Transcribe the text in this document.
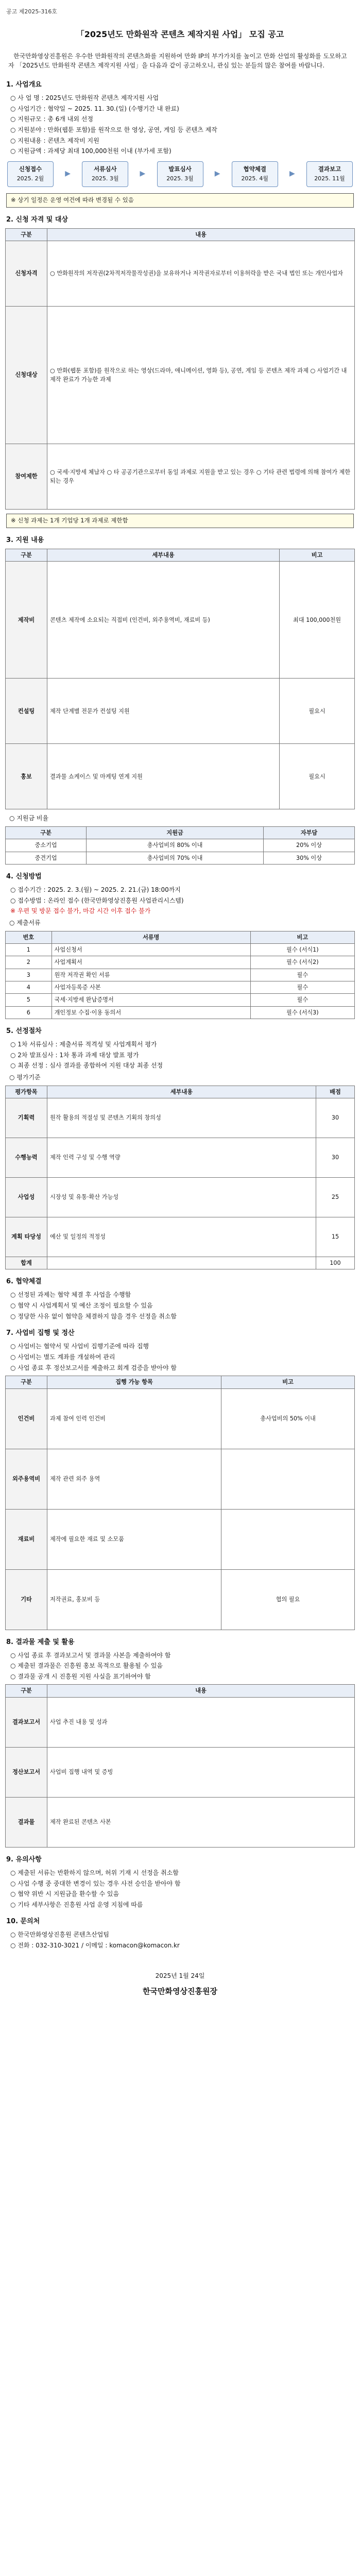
공고 제2025-316호
「2025년도 만화원작 콘텐츠 제작지원 사업」 모집 공고

한국만화영상진흥원은 우수한 만화원작의 콘텐츠화를 지원하여 만화 IP의 부가가치를 높이고 만화 산업의 활성화를 도모하고자 「2025년도 만화원작 콘텐츠 제작지원 사업」을 다음과 같이 공고하오니, 관심 있는 분들의 많은 참여를 바랍니다.

1. 사업개요
○ 사 업 명 : 2025년도 만화원작 콘텐츠 제작지원 사업
○ 사업기간 : 협약일 ~ 2025. 11. 30.(일) (수행기간 내 완료)
○ 지원규모 : 총 6개 내외 선정
○ 지원분야 : 만화(웹툰 포함)를 원작으로 한 영상, 공연, 게임 등 콘텐츠 제작
○ 지원내용 : 콘텐츠 제작비 지원
○ 지원금액 : 과제당 최대 100,000천원 이내 (부가세 포함)
신청접수
2025. 2월
▶
서류심사
2025. 3월
▶
발표심사
2025. 3월
▶
협약체결
2025. 4월
▶
결과보고
2025. 11월
※ 상기 일정은 운영 여건에 따라 변경될 수 있음
2. 신청 자격 및 대상
구분	내용
신청자격	○ 만화원작의 저작권(2차적저작물작성권)을 보유하거나 저작권자로부터 이용허락을 받은 국내 법인 또는 개인사업자
신청대상	○ 만화(웹툰 포함)를 원작으로 하는 영상(드라마, 애니메이션, 영화 등), 공연, 게임 등 콘텐츠 제작 과제 ○ 사업기간 내 제작 완료가 가능한 과제
참여제한	○ 국세·지방세 체납자 ○ 타 공공기관으로부터 동일 과제로 지원을 받고 있는 경우 ○ 기타 관련 법령에 의해 참여가 제한되는 경우
※ 신청 과제는 1개 기업당 1개 과제로 제한함
3. 지원 내용
구분	세부내용	비고
제작비	콘텐츠 제작에 소요되는 직접비 (인건비, 외주용역비, 재료비 등)	최대 100,000천원
컨설팅	제작 단계별 전문가 컨설팅 지원	필요시
홍보	결과물 쇼케이스 및 마케팅 연계 지원	필요시
○ 지원금 비율
구분	지원금	자부담
중소기업	총사업비의 80% 이내	20% 이상
중견기업	총사업비의 70% 이내	30% 이상
4. 신청방법
○ 접수기간 : 2025. 2. 3.(월) ~ 2025. 2. 21.(금) 18:00까지
○ 접수방법 : 온라인 접수 (한국만화영상진흥원 사업관리시스템)
※ 우편 및 방문 접수 불가, 마감 시간 이후 접수 불가
○ 제출서류
번호	서류명	비고
1	사업신청서	필수 (서식1)
2	사업계획서	필수 (서식2)
3	원작 저작권 확인 서류	필수
4	사업자등록증 사본	필수
5	국세·지방세 완납증명서	필수
6	개인정보 수집·이용 동의서	필수 (서식3)
5. 선정절차
○ 1차 서류심사 : 제출서류 적격성 및 사업계획서 평가
○ 2차 발표심사 : 1차 통과 과제 대상 발표 평가
○ 최종 선정 : 심사 결과를 종합하여 지원 대상 최종 선정
○ 평가기준
평가항목	세부내용	배점
기획력	원작 활용의 적절성 및 콘텐츠 기획의 창의성	30
수행능력	제작 인력 구성 및 수행 역량	30
사업성	시장성 및 유통·확산 가능성	25
계획 타당성	예산 및 일정의 적정성	15
합계		100
6. 협약체결
○ 선정된 과제는 협약 체결 후 사업을 수행함
○ 협약 시 사업계획서 및 예산 조정이 필요할 수 있음
○ 정당한 사유 없이 협약을 체결하지 않을 경우 선정을 취소함
7. 사업비 집행 및 정산
○ 사업비는 협약서 및 사업비 집행기준에 따라 집행
○ 사업비는 별도 계좌를 개설하여 관리
○ 사업 종료 후 정산보고서를 제출하고 회계 검증을 받아야 함
구분	집행 가능 항목	비고
인건비	과제 참여 인력 인건비	총사업비의 50% 이내
외주용역비	제작 관련 외주 용역	
재료비	제작에 필요한 재료 및 소모품	
기타	저작권료, 홍보비 등	협의 필요
8. 결과물 제출 및 활용
○ 사업 종료 후 결과보고서 및 결과물 사본을 제출하여야 함
○ 제출된 결과물은 진흥원 홍보 목적으로 활용될 수 있음
○ 결과물 공개 시 진흥원 지원 사실을 표기하여야 함
구분	내용
결과보고서	사업 추진 내용 및 성과
정산보고서	사업비 집행 내역 및 증빙
결과물	제작 완료된 콘텐츠 사본
9. 유의사항
○ 제출된 서류는 반환하지 않으며, 허위 기재 시 선정을 취소함
○ 사업 수행 중 중대한 변경이 있는 경우 사전 승인을 받아야 함
○ 협약 위반 시 지원금을 환수할 수 있음
○ 기타 세부사항은 진흥원 사업 운영 지침에 따름
10. 문의처
○ 한국만화영상진흥원 콘텐츠산업팀
○ 전화 : 032-310-3021 / 이메일 : komacon@komacon.kr
2025년 1월 24일
한국만화영상진흥원장
